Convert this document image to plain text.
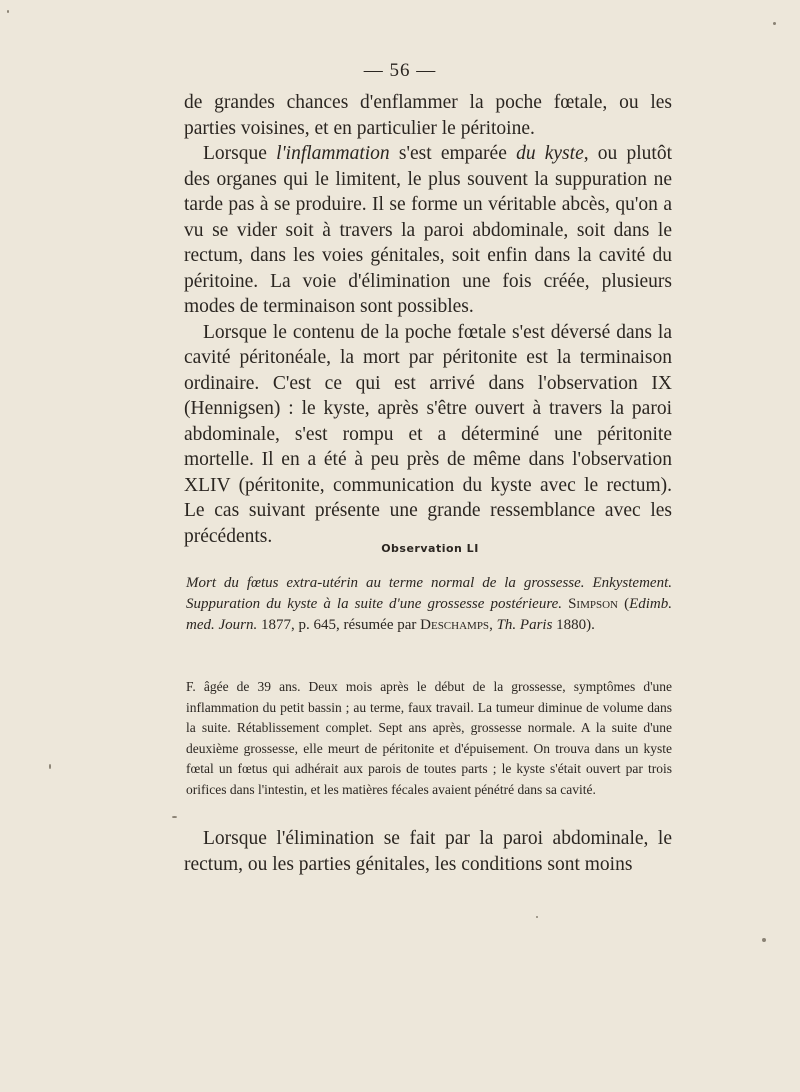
— 56 —

de grandes chances d'enflammer la poche fœtale, ou les parties voisines, et en particulier le péritoine.

Lorsque l'inflammation s'est emparée du kyste, ou plutôt des organes qui le limitent, le plus souvent la suppuration ne tarde pas à se produire. Il se forme un véritable abcès, qu'on a vu se vider soit à travers la paroi abdominale, soit dans le rectum, dans les voies génitales, soit enfin dans la cavité du péritoine. La voie d'élimination une fois créée, plusieurs modes de terminaison sont possibles.

Lorsque le contenu de la poche fœtale s'est déversé dans la cavité péritonéale, la mort par péritonite est la terminaison ordinaire. C'est ce qui est arrivé dans l'observation IX (Hennigsen) : le kyste, après s'être ouvert à travers la paroi abdominale, s'est rompu et a déterminé une péritonite mortelle. Il en a été à peu près de même dans l'observation XLIV (péritonite, communication du kyste avec le rectum). Le cas suivant présente une grande ressemblance avec les précédents.

Observation LI
Mort du fœtus extra-utérin au terme normal de la grossesse. Enkystement. Suppuration du kyste à la suite d'une grossesse postérieure. Simpson (Edimb. med. Journ. 1877, p. 645, résumée par Deschamps, Th. Paris 1880).

F. âgée de 39 ans. Deux mois après le début de la grossesse, symptômes d'une inflammation du petit bassin ; au terme, faux travail. La tumeur diminue de volume dans la suite. Rétablissement complet. Sept ans après, grossesse normale. A la suite d'une deuxième grossesse, elle meurt de péritonite et d'épuisement. On trouva dans un kyste fœtal un fœtus qui adhérait aux parois de toutes parts ; le kyste s'était ouvert par trois orifices dans l'intestin, et les matières fécales avaient pénétré dans sa cavité.

Lorsque l'élimination se fait par la paroi abdominale, le rectum, ou les parties génitales, les conditions sont moins
